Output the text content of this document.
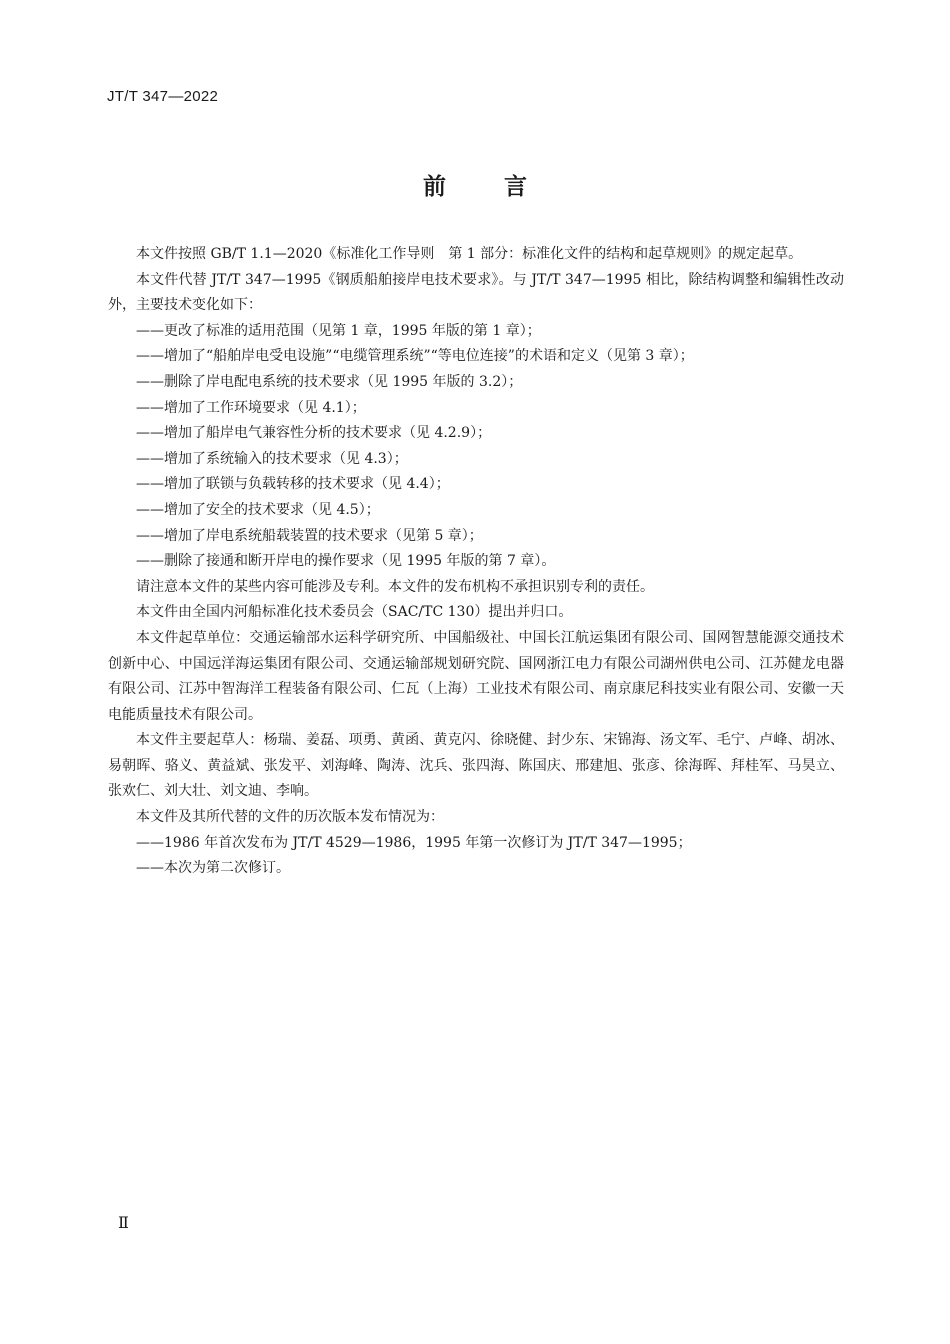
JT/T 347—2022
前言

本文件按照 GB/T 1.1—2020《标准化工作导则　第 1 部分：标准化文件的结构和起草规则》的规定起草。

本文件代替 JT/T 347—1995《钢质船舶接岸电技术要求》。与 JT/T 347—1995 相比，除结构调整和编辑性改动外，主要技术变化如下：

——更改了标准的适用范围（见第 1 章，1995 年版的第 1 章）；
——增加了“船舶岸电受电设施”“电缆管理系统”“等电位连接”的术语和定义（见第 3 章）；
——删除了岸电配电系统的技术要求（见 1995 年版的 3.2）；
——增加了工作环境要求（见 4.1）；
——增加了船岸电气兼容性分析的技术要求（见 4.2.9）；
——增加了系统输入的技术要求（见 4.3）；
——增加了联锁与负载转移的技术要求（见 4.4）；
——增加了安全的技术要求（见 4.5）；
——增加了岸电系统船载装置的技术要求（见第 5 章）；
——删除了接通和断开岸电的操作要求（见 1995 年版的第 7 章）。

请注意本文件的某些内容可能涉及专利。本文件的发布机构不承担识别专利的责任。

本文件由全国内河船标准化技术委员会（SAC/TC 130）提出并归口。

本文件起草单位：交通运输部水运科学研究所、中国船级社、中国长江航运集团有限公司、国网智慧能源交通技术创新中心、中国远洋海运集团有限公司、交通运输部规划研究院、国网浙江电力有限公司湖州供电公司、江苏健龙电器有限公司、江苏中智海洋工程装备有限公司、仁瓦（上海）工业技术有限公司、南京康尼科技实业有限公司、安徽一天电能质量技术有限公司。

本文件主要起草人：杨瑞、姜磊、项勇、黄函、黄克闪、徐晓健、封少东、宋锦海、汤文军、毛宁、卢峰、胡冰、易朝晖、骆义、黄益斌、张发平、刘海峰、陶涛、沈兵、张四海、陈国庆、邢建旭、张彦、徐海晖、拜桂军、马昊立、张欢仁、刘大壮、刘文迪、李响。

本文件及其所代替的文件的历次版本发布情况为：

——1986 年首次发布为 JT/T 4529—1986，1995 年第一次修订为 JT/T 347—1995；
——本次为第二次修订。
Ⅱ
